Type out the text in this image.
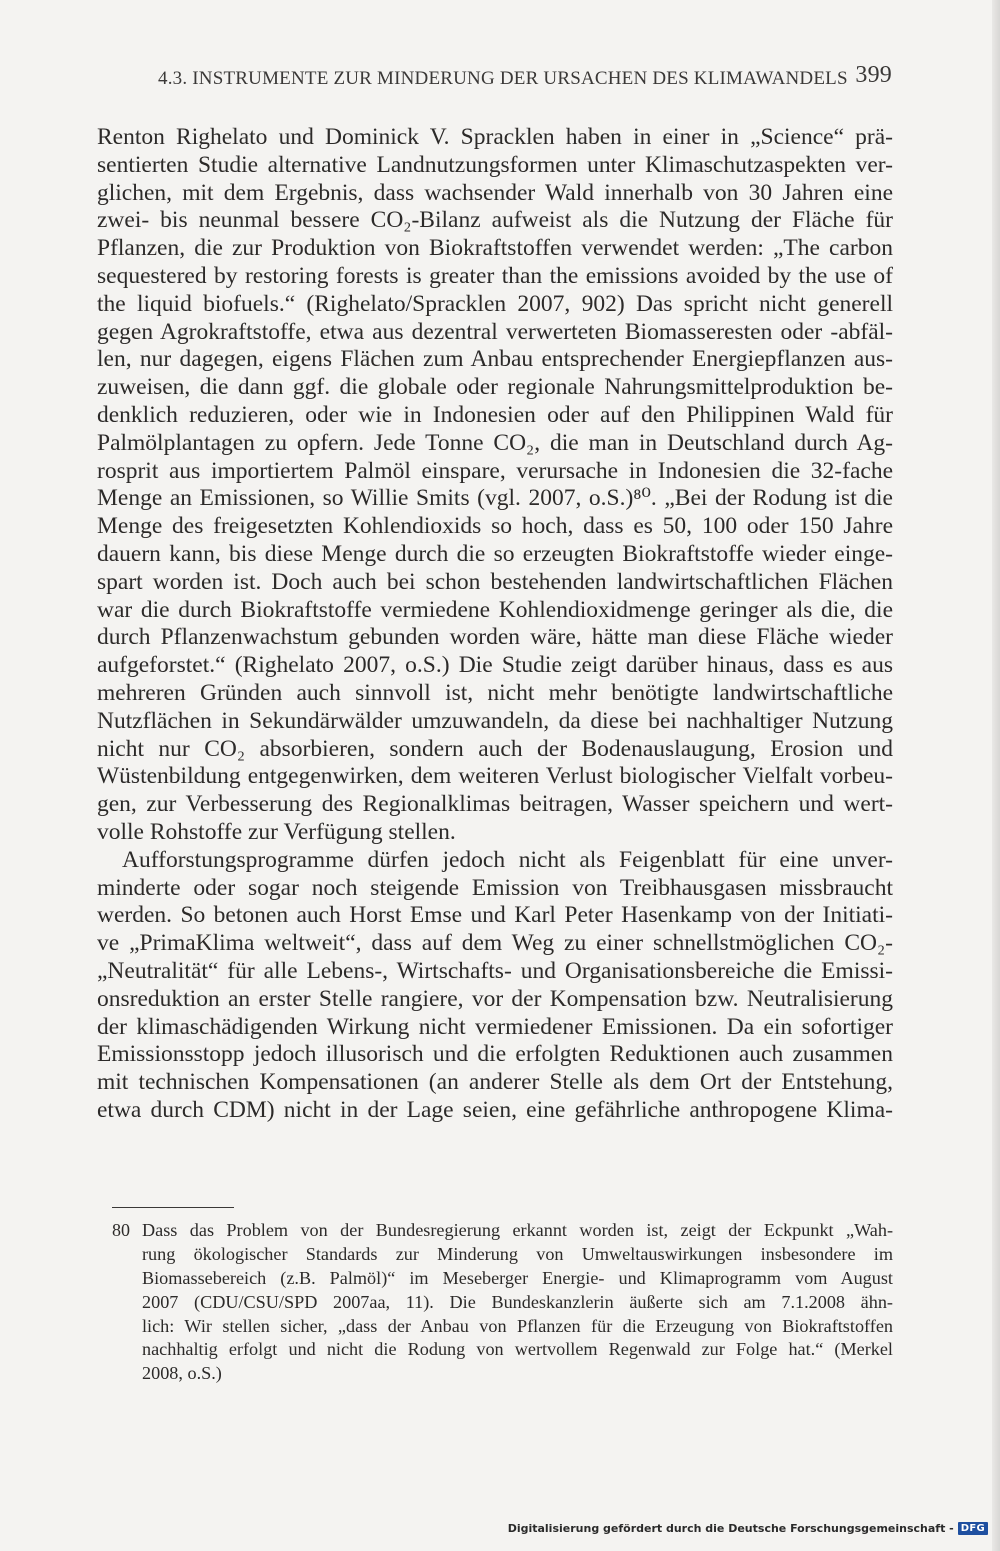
4.3. INSTRUMENTE ZUR MINDERUNG DER URSACHEN DES KLIMAWANDELS 399
Renton Righelato und Dominick V. Spracklen haben in einer in „Science“ prä-
sentierten Studie alternative Landnutzungsformen unter Klimaschutzaspekten ver-
glichen, mit dem Ergebnis, dass wachsender Wald innerhalb von 30 Jahren eine
zwei- bis neunmal bessere CO₂-Bilanz aufweist als die Nutzung der Fläche für
Pflanzen, die zur Produktion von Biokraftstoffen verwendet werden: „The carbon
sequestered by restoring forests is greater than the emissions avoided by the use of
the liquid biofuels.“ (Righelato/Spracklen 2007, 902) Das spricht nicht generell
gegen Agrokraftstoffe, etwa aus dezentral verwerteten Biomasseresten oder -abfäl-
len, nur dagegen, eigens Flächen zum Anbau entsprechender Energiepflanzen aus-
zuweisen, die dann ggf. die globale oder regionale Nahrungsmittelproduktion be-
denklich reduzieren, oder wie in Indonesien oder auf den Philippinen Wald für
Palmölplantagen zu opfern. Jede Tonne CO₂, die man in Deutschland durch Ag-
rosprit aus importiertem Palmöl einspare, verursache in Indonesien die 32-fache
Menge an Emissionen, so Willie Smits (vgl. 2007, o.S.)⁸⁰. „Bei der Rodung ist die
Menge des freigesetzten Kohlendioxids so hoch, dass es 50, 100 oder 150 Jahre
dauern kann, bis diese Menge durch die so erzeugten Biokraftstoffe wieder einge-
spart worden ist. Doch auch bei schon bestehenden landwirtschaftlichen Flächen
war die durch Biokraftstoffe vermiedene Kohlendioxidmenge geringer als die, die
durch Pflanzenwachstum gebunden worden wäre, hätte man diese Fläche wieder
aufgeforstet.“ (Righelato 2007, o.S.) Die Studie zeigt darüber hinaus, dass es aus
mehreren Gründen auch sinnvoll ist, nicht mehr benötigte landwirtschaftliche
Nutzflächen in Sekundärwälder umzuwandeln, da diese bei nachhaltiger Nutzung
nicht nur CO₂ absorbieren, sondern auch der Bodenauslaugung, Erosion und
Wüstenbildung entgegenwirken, dem weiteren Verlust biologischer Vielfalt vorbeu-
gen, zur Verbesserung des Regionalklimas beitragen, Wasser speichern und wert-
volle Rohstoffe zur Verfügung stellen.
Aufforstungsprogramme dürfen jedoch nicht als Feigenblatt für eine unver-
minderte oder sogar noch steigende Emission von Treibhausgasen missbraucht
werden. So betonen auch Horst Emse und Karl Peter Hasenkamp von der Initiati-
ve „PrimaKlima weltweit“, dass auf dem Weg zu einer schnellstmöglichen CO₂-
„Neutralität“ für alle Lebens-, Wirtschafts- und Organisationsbereiche die Emissi-
onsreduktion an erster Stelle rangiere, vor der Kompensation bzw. Neutralisierung
der klimaschädigenden Wirkung nicht vermiedener Emissionen. Da ein sofortiger
Emissionsstopp jedoch illusorisch und die erfolgten Reduktionen auch zusammen
mit technischen Kompensationen (an anderer Stelle als dem Ort der Entstehung,
etwa durch CDM) nicht in der Lage seien, eine gefährliche anthropogene Klima-
80 Dass das Problem von der Bundesregierung erkannt worden ist, zeigt der Eckpunkt „Wah-
rung ökologischer Standards zur Minderung von Umweltauswirkungen insbesondere im
Biomassebereich (z.B. Palmöl)“ im Meseberger Energie- und Klimaprogramm vom August
2007 (CDU/CSU/SPD 2007aa, 11). Die Bundeskanzlerin äußerte sich am 7.1.2008 ähn-
lich: Wir stellen sicher, „dass der Anbau von Pflanzen für die Erzeugung von Biokraftstoffen
nachhaltig erfolgt und nicht die Rodung von wertvollem Regenwald zur Folge hat.“ (Merkel
2008, o.S.)
Digitalisierung gefördert durch die Deutsche Forschungsgemeinschaft - DFG
